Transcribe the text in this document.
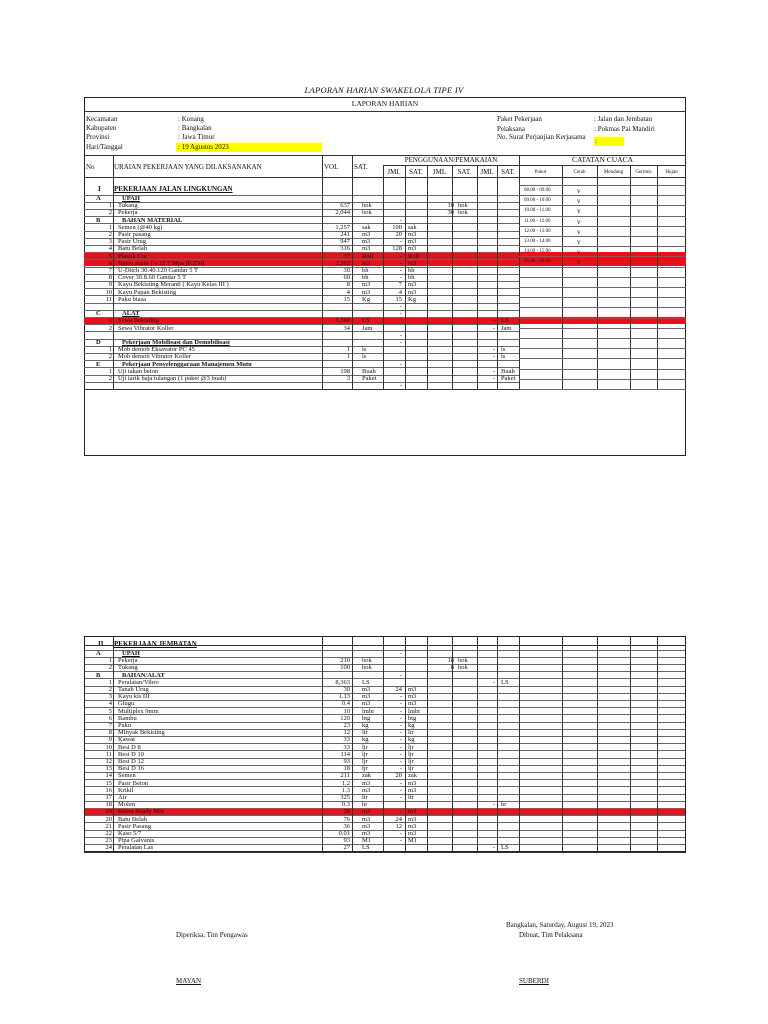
LAPORAN HARIAN SWAKELOLA TIPE IV
LAPORAN HARIAN
Kecamatan	: Konang
Kabupaten	: Bangkalan
Provinsi	: Jawa Timur
Hari/Tanggal	: 19 Agustus 2023
Paket Pekerjaan	: Jalan dan Jembatan
Pelaksana	: Pokmas Pai Mandiri
No. Surat Perjanjian Kerjasama	:
No	URAIAN PEKERJAAN YANG DILAKSANAKAN	VOL SAT.
PENGGUNAAN/PEMAKAIAN	CATATAN CUACA
JML	SAT.	JML	SAT.	JML	SAT.	Pukul	Cerah	Mendung	Gerimis	Hujan
I PEKERJAAN JALAN LINGKUNGAN
A	UPAH
1 Tukang	637 hok	10 hok
2 Pekerja	2,044 hok	30 hok
B	BAHAN MATERIAL	-
1 Semen (@40 kg)	1,257 sak	100 sak
2 Pasir pasang	241 m3	20 m3
3 Pasir Urug	947 m3	- m3
4 Batu Belah	316 m3	128 m3
5 Plastik Cor	37 Roll	- Roll
6 Beton mutu f`c 21.7 Mpa (K250)	2,362 m3	- m3
7 U-Ditch 30.40.120 Gandar 5 T	30 bh	- bh
8 Cover 30.8.60 Gandar 5 T	60 bh	- bh
9 Kayu Bekisting Meranti ( Kayu Kelas III )	8 m3	7 m3
10 Kayu Papan Bekisting	4 m3	4 m3
11 Paku biasa	15 Kg	15 Kg
-
C	ALAT	-
1 Sewa Bekisting	3,360 LS	- LS
2 Sewa Vibrator Koller	34 Jam	- Jam
-
D	Pekerjaan Mobilisasi dan Demobilisasi	-
1 Mob demob Eksavator PC 45	1 ls	- ls
2 Mob demob Vibrator Koller	1 ls	- ls
E	Pekerjaan Penyelenggaraan Manajemen Mutu	-
1 Uji takan beton	198 Buah	- Buah
2 Uji tarik baja tulangan (1 paket @3 buah)	3 Paket	- Paket
-
08.00 - 09.00	v
09.00 - 10.00	v
10.00 - 11.00	v
11.00 - 12.00	v
12.00 - 13.00	v
13.00 - 14.00	v
14.00 - 15.00	v
15.00 - 16.00	v
II PEKERJAAN JEMBATAN
A	UPAH	-
1 Pekerja	210 hok	18 hok
2 Tukang	100 hok	8 hok
B	BAHAN/ALAT	-
1 Peralatan/Vibro	8,363 LS	- LS
2 Tanah Urug	30 m3	24 m3
3 Kayu kls III	1.13 m3	- m3
4 Glugu	0.4 m3	- m3
5 Multiplex 9mm	10 lmbr	- lmbr
6 Bambu	120 btg	- btg
7 Paku	23 kg	- kg
8 Minyak Bekisting	12 ltr	- ltr
9 Kawat	33 kg	- kg
10 Besi D 8	33 ljr	- ljr
11 Besi D 10	114 ljr	- ljr
12 Besi D 12	93 ljr	- ljr
13 Besi D 16	18 ljr	- ljr
14 Semen	211 zak	20 zak
15 Pasir Beton	1.2 m3	- m3
16 Krikil	1.3 m3	- m3
17 Air	325 ltr	- ltr
18 Molen	0.3 hr	- hr
19 Beton Ready Mix	26 m3	- m3
20 Batu Belah	76 m3	24 m3
21 Pasir Pasang	36 m3	12 m3
22 Kaso 5/7	0.01 m3	- m3
23 Pipa Galvanis	93 M1	- M1
24 Peralatan Las	27 LS	- LS
Bangkalan, Saturday, August 19, 2023
Dibuat, Tim Pelaksana
Diperiksa, Tim Pengawas
MAYAN	SUBERDI
